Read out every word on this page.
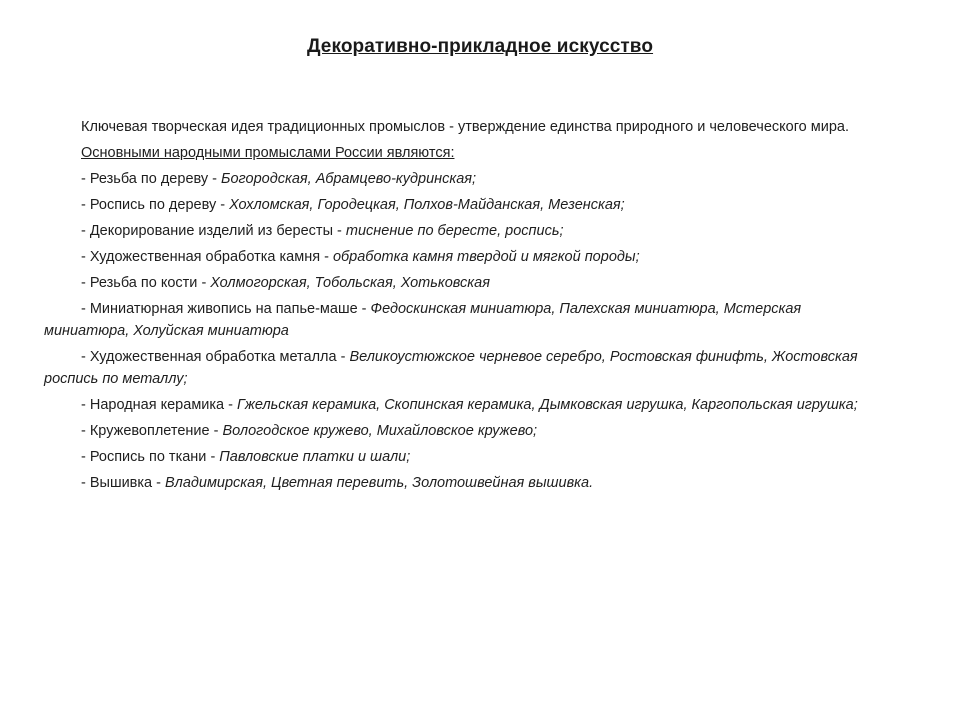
Декоративно-прикладное искусство

Ключевая творческая идея традиционных промыслов - утверждение единства природного и человеческого мира.

Основными народными промыслами России являются:

- Резьба по дереву - Богородская, Абрамцево-кудринская;

- Роспись по дереву - Хохломская, Городецкая, Полхов-Майданская, Мезенская;

- Декорирование изделий из бересты - тиснение по бересте, роспись;

- Художественная обработка камня - обработка камня твердой и мягкой породы;

- Резьба по кости - Холмогорская, Тобольская, Хотьковская

- Миниатюрная живопись на папье-маше - Федоскинская миниатюра, Палехская миниатюра, Мстерская миниатюра, Холуйская миниатюра

- Художественная обработка металла - Великоустюжское черневое серебро, Ростовская финифть, Жостовская роспись по металлу;

- Народная керамика - Гжельская керамика, Скопинская керамика, Дымковская игрушка, Каргопольская игрушка;

- Кружевоплетение - Вологодское кружево, Михайловское кружево;

- Роспись по ткани - Павловские платки и шали;

- Вышивка - Владимирская, Цветная перевить, Золотошвейная вышивка.
